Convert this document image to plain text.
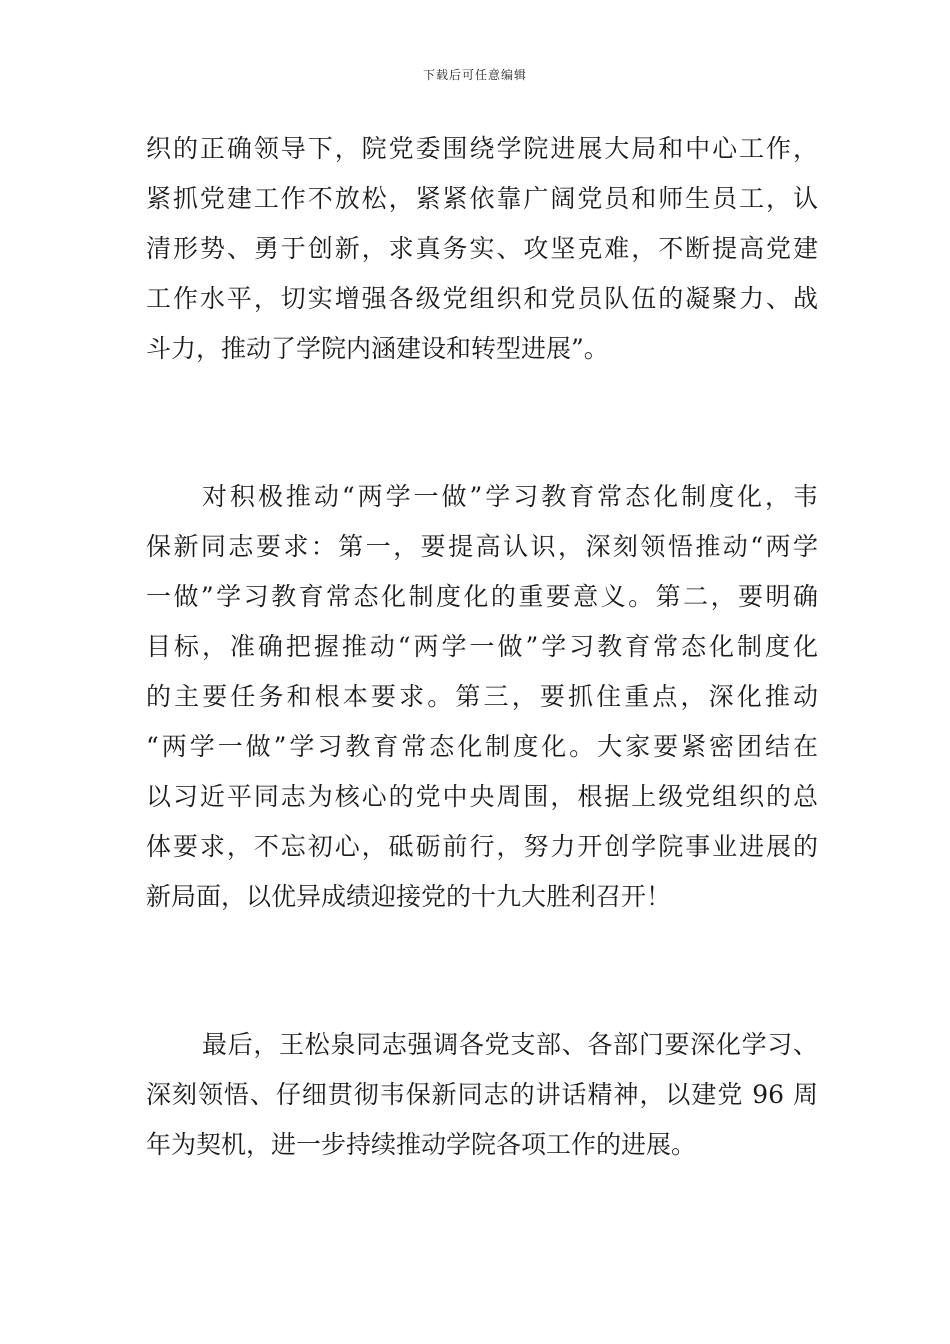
下载后可任意编辑
织的正确领导下，院党委围绕学院进展大局和中心工作，
紧抓党建工作不放松，紧紧依靠广阔党员和师生员工，认
清形势、勇于创新，求真务实、攻坚克难，不断提高党建
工作水平，切实增强各级党组织和党员队伍的凝聚力、战
斗力，推动了学院内涵建设和转型进展”。
对积极推动“两学一做”学习教育常态化制度化，韦
保新同志要求：第一，要提高认识，深刻领悟推动“两学
一做”学习教育常态化制度化的重要意义。第二，要明确
目标，准确把握推动“两学一做”学习教育常态化制度化
的主要任务和根本要求。第三，要抓住重点，深化推动
“两学一做”学习教育常态化制度化。大家要紧密团结在
以习近平同志为核心的党中央周围，根据上级党组织的总
体要求，不忘初心，砥砺前行，努力开创学院事业进展的
新局面，以优异成绩迎接党的十九大胜利召开！
最后，王松泉同志强调各党支部、各部门要深化学习、
深刻领悟、仔细贯彻韦保新同志的讲话精神，以建党 96 周
年为契机，进一步持续推动学院各项工作的进展。
